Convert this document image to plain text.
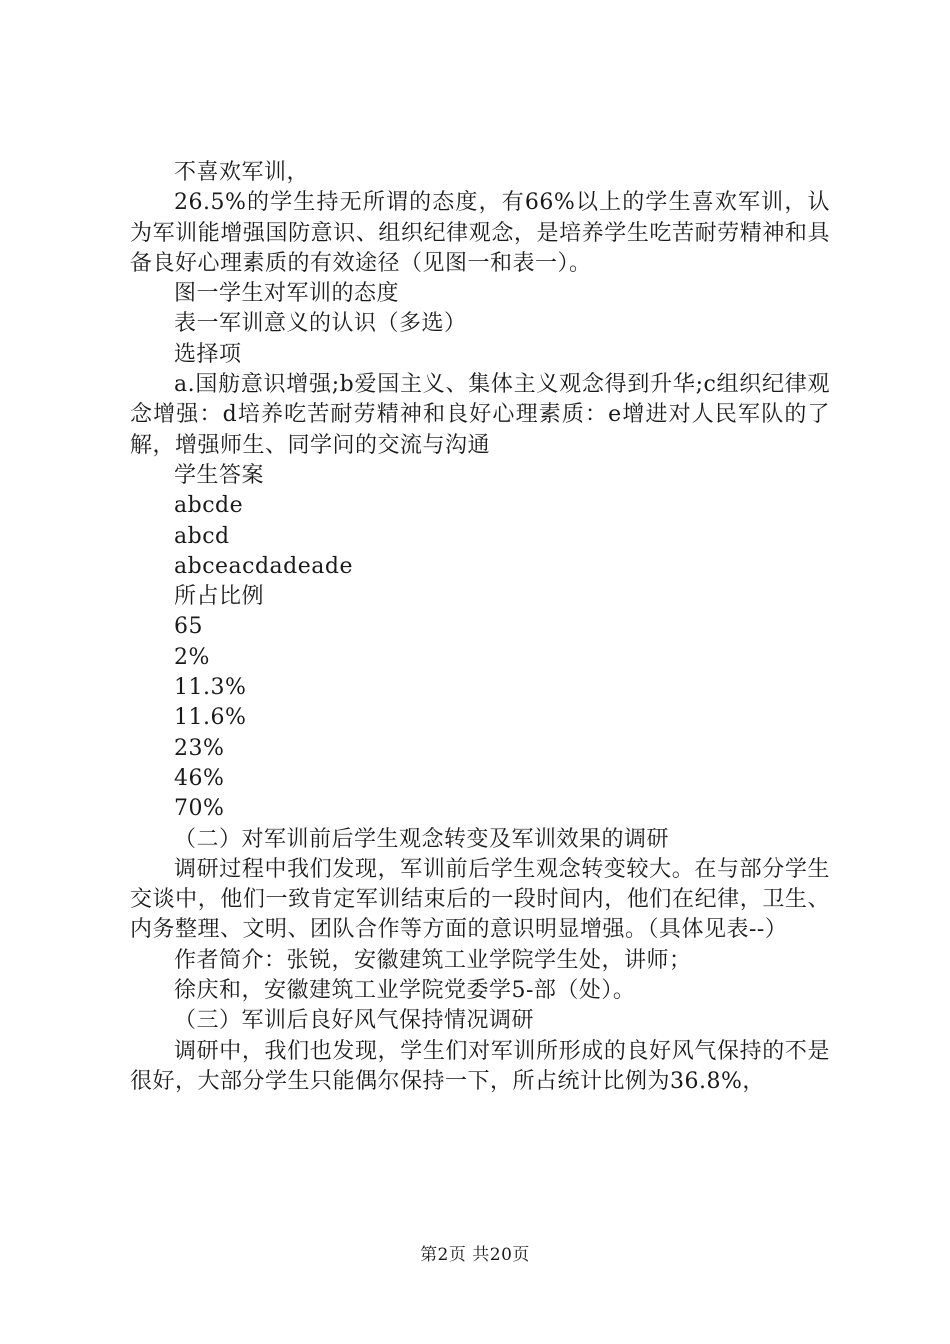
不喜欢军训，

26.5%的学生持无所谓的态度，有66%以上的学生喜欢军训，认为军训能增强国防意识、组织纪律观念，是培养学生吃苦耐劳精神和具备良好心理素质的有效途径（见图一和表一）。

图一学生对军训的态度

表一军训意义的认识（多选）

选择项

a.国舫意识增强;b爱国主义、集体主义观念得到升华;c组织纪律观念增强：d培养吃苦耐劳精神和良好心理素质：e增进对人民军队的了解，增强师生、同学问的交流与沟通

学生答案

abcde

abcd

abceacdadeade

所占比例

65

2%

11.3%

11.6%

23%

46%

70%

（二）对军训前后学生观念转变及军训效果的调研

调研过程中我们发现，军训前后学生观念转变较大。在与部分学生交谈中，他们一致肯定军训结束后的一段时间内，他们在纪律，卫生、内务整理、文明、团队合作等方面的意识明显增强。（具体见表--）

作者简介：张锐，安徽建筑工业学院学生处，讲师；

徐庆和，安徽建筑工业学院党委学5-部（处）。

（三）军训后良好风气保持情况调研

调研中，我们也发现，学生们对军训所形成的良好风气保持的不是很好，大部分学生只能偶尔保持一下，所占统计比例为36.8%，

第2页 共20页
